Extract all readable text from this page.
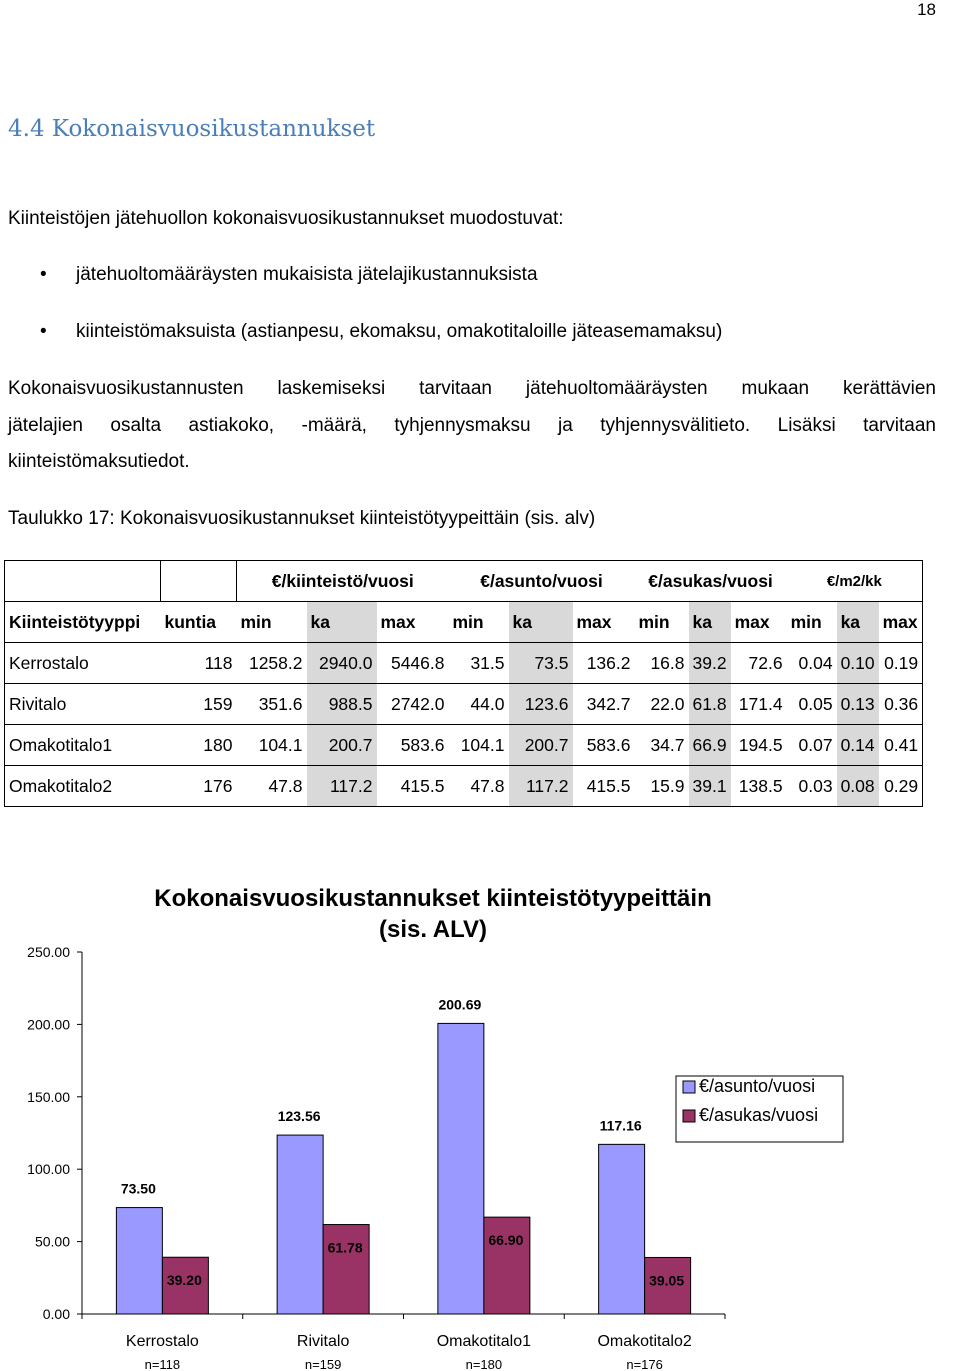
18
4.4 Kokonaisvuosikustannukset
Kiinteistöjen jätehuollon kokonaisvuosikustannukset muodostuvat:
• jätehuoltomääräysten mukaisista jätelajikustannuksista
• kiinteistömaksuista (astianpesu, ekomaksu, omakotitaloille jäteasemamaksu)
Kokonaisvuosikustannusten laskemiseksi tarvitaan jätehuoltomääräysten mukaan kerättävien
jätelajien osalta astiakoko, -määrä, tyhjennysmaksu ja tyhjennysvälitieto. Lisäksi tarvitaan
kiinteistömaksutiedot.
Taulukko 17: Kokonaisvuosikustannukset kiinteistötyypeittäin (sis. alv)
		€/kiinteistö/vuosi			€/asunto/vuosi			€/asukas/vuosi			€/m2/kk		
Kiinteistötyyppi	kuntia	min	ka	max	min	ka	max	min	ka	max	min	ka	max
Kerrostalo	118	1258.2	2940.0	5446.8	31.5	73.5	136.2	16.8	39.2	72.6	0.04	0.10	0.19
Rivitalo	159	351.6	988.5	2742.0	44.0	123.6	342.7	22.0	61.8	171.4	0.05	0.13	0.36
Omakotitalo1	180	104.1	200.7	583.6	104.1	200.7	583.6	34.7	66.9	194.5	0.07	0.14	0.41
Omakotitalo2	176	47.8	117.2	415.5	47.8	117.2	415.5	15.9	39.1	138.5	0.03	0.08	0.29
Kokonaisvuosikustannukset kiinteistötyypeittäin
(sis. ALV)
0.00
50.00
100.00
150.00
200.00
250.00
Kerrostalo
n=118
Rivitalo
n=159
Omakotitalo1
n=180
Omakotitalo2
n=176
73.50
39.20
123.56
61.78
200.69
66.90
117.16
39.05
€/asunto/vuosi
€/asukas/vuosi
